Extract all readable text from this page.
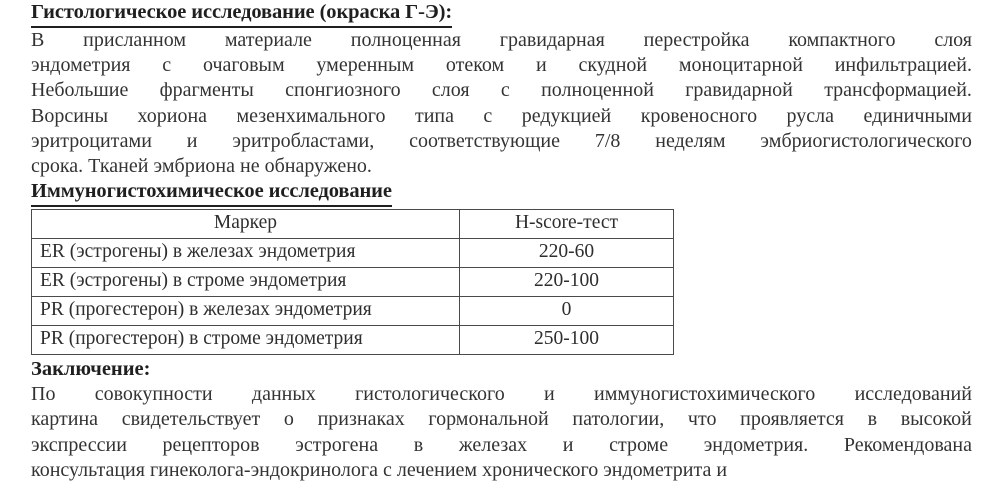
Гистологическое исследование (окраска Г-Э):
В присланном материале полноценная гравидарная перестройка компактного слоя
эндометрия с очаговым умеренным отеком и скудной моноцитарной инфильтрацией.
Небольшие фрагменты спонгиозного слоя с полноценной гравидарной трансформацией.
Ворсины хориона мезенхимального типа с редукцией кровеносного русла единичными
эритроцитами и эритробластами, соответствующие 7/8 неделям эмбриогистологического
срока. Тканей эмбриона не обнаружено.
Иммуногистохимическое исследование
Маркер	H-score-тест
ER (эстрогены) в железах эндометрия	220-60
ER (эстрогены) в строме эндометрия	220-100
PR (прогестерон) в железах эндометрия	0
PR (прогестерон) в строме эндометрия	250-100
Заключение:
По совокупности данных гистологического и иммуногистохимического исследований
картина свидетельствует о признаках гормональной патологии, что проявляется в высокой
экспрессии рецепторов эстрогена в железах и строме эндометрия. Рекомендована
консультация гинеколога-эндокринолога с лечением хронического эндометрита и
